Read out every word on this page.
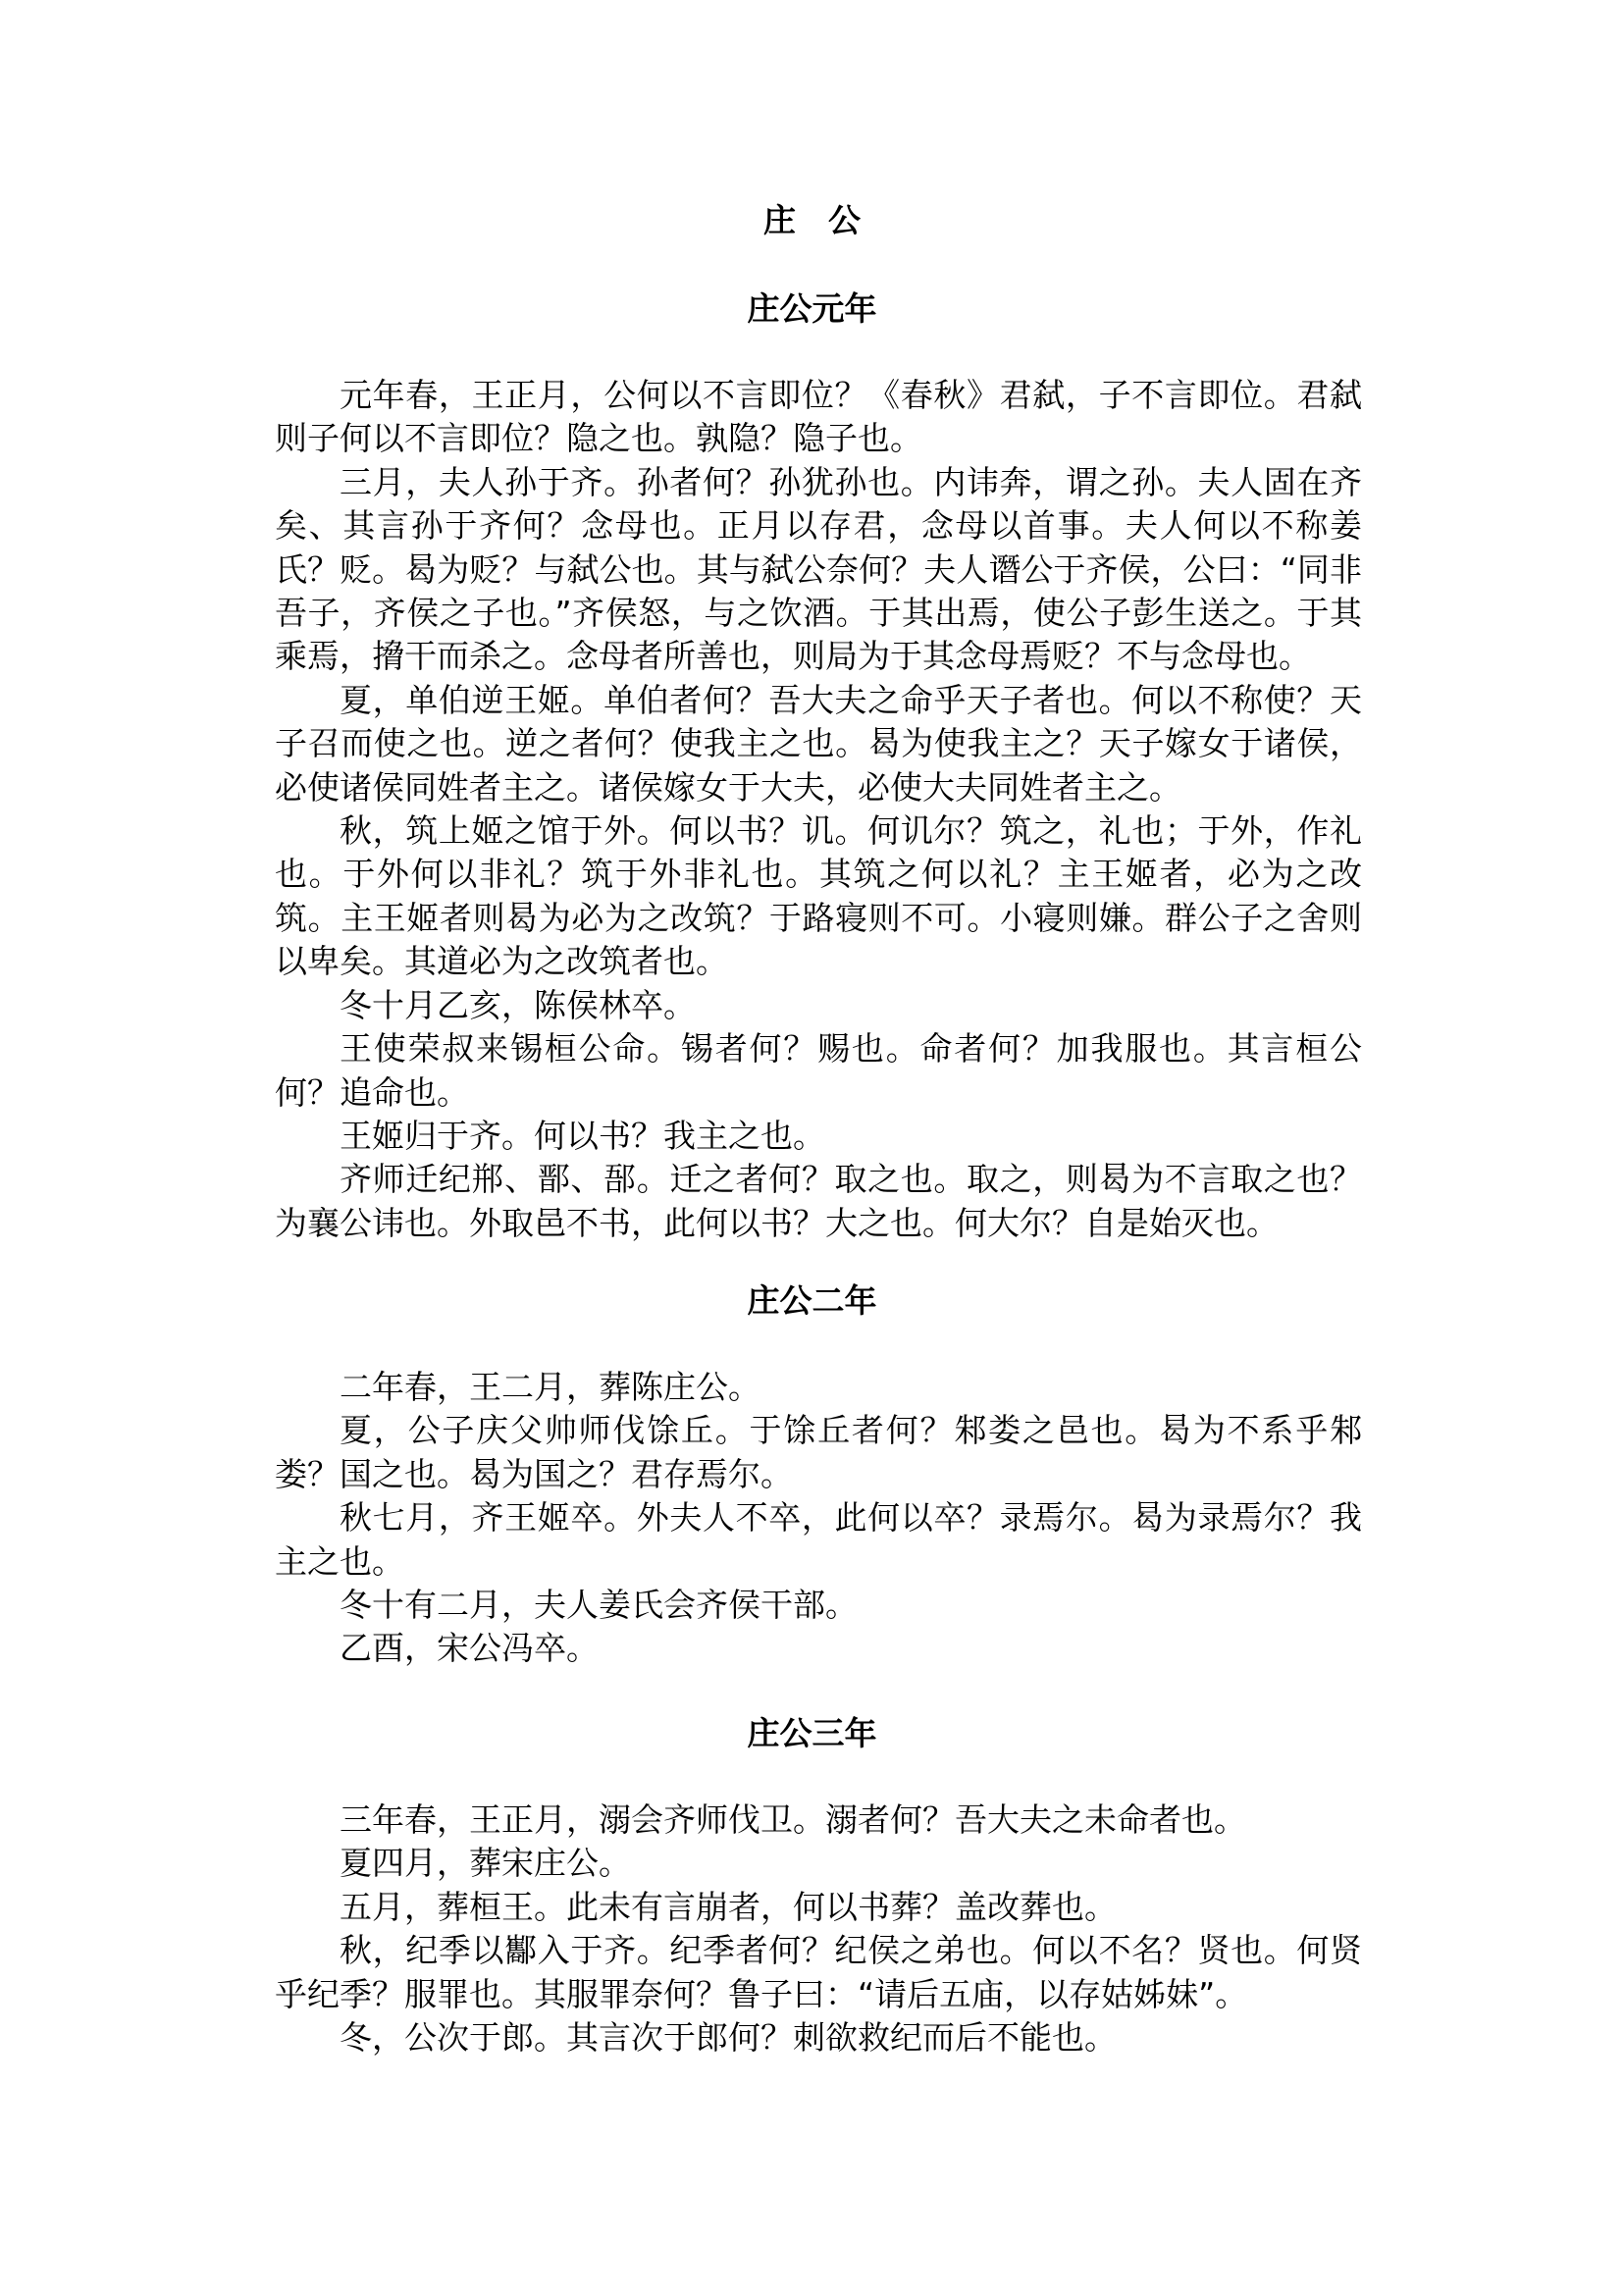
庄　公
庄公元年

元年春，王正月，公何以不言即位？《春秋》君弑，子不言即位。君弑则子何以不言即位？隐之也。孰隐？隐子也。

三月，夫人孙于齐。孙者何？孙犹孙也。内讳奔，谓之孙。夫人固在齐矣、其言孙于齐何？念母也。正月以存君，念母以首事。夫人何以不称姜氏？贬。曷为贬？与弑公也。其与弑公奈何？夫人谮公于齐侯，公曰：“同非吾子，齐侯之子也。”齐侯怒，与之饮酒。于其出焉，使公子彭生送之。于其乘焉，搚干而杀之。念母者所善也，则局为于其念母焉贬？不与念母也。

夏，单伯逆王姬。单伯者何？吾大夫之命乎天子者也。何以不称使？天子召而使之也。逆之者何？使我主之也。曷为使我主之？天子嫁女于诸侯，必使诸侯同姓者主之。诸侯嫁女于大夫，必使大夫同姓者主之。

秋，筑上姬之馆于外。何以书？讥。何讥尔？筑之，礼也；于外，作礼也。于外何以非礼？筑于外非礼也。其筑之何以礼？主王姬者，必为之改筑。主王姬者则曷为必为之改筑？于路寝则不可。小寝则嫌。群公子之舍则以卑矣。其道必为之改筑者也。

冬十月乙亥，陈侯林卒。

王使荣叔来锡桓公命。锡者何？赐也。命者何？加我服也。其言桓公何？追命也。

王姬归于齐。何以书？我主之也。

齐师迁纪郱、鄑、郚。迁之者何？取之也。取之，则曷为不言取之也？为襄公讳也。外取邑不书，此何以书？大之也。何大尔？自是始灭也。

庄公二年

二年春，王二月，葬陈庄公。

夏，公子庆父帅师伐馀丘。于馀丘者何？邾娄之邑也。曷为不系乎邾娄？国之也。曷为国之？君存焉尔。

秋七月，齐王姬卒。外夫人不卒，此何以卒？录焉尔。曷为录焉尔？我主之也。

冬十有二月，夫人姜氏会齐侯干部。

乙酉，宋公冯卒。

庄公三年

三年春，王正月，溺会齐师伐卫。溺者何？吾大夫之未命者也。

夏四月，葬宋庄公。

五月，葬桓王。此未有言崩者，何以书葬？盖改葬也。

秋，纪季以酅入于齐。纪季者何？纪侯之弟也。何以不名？贤也。何贤乎纪季？服罪也。其服罪奈何？鲁子曰：“请后五庙，以存姑姊妹”。

冬，公次于郎。其言次于郎何？刺欲救纪而后不能也。
